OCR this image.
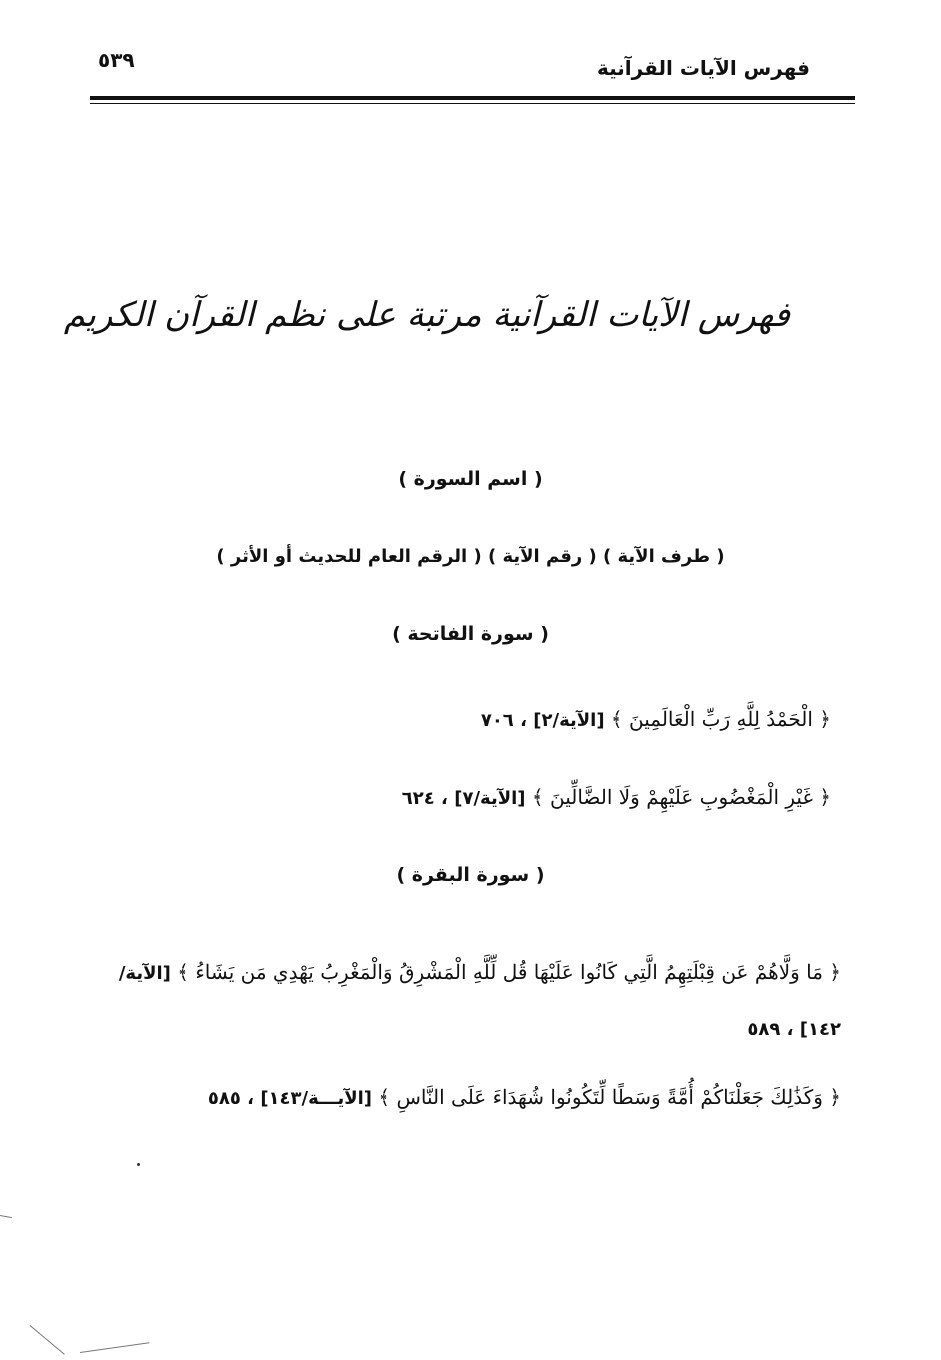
فهرس الآيات القرآنية
٥٣٩
فهرس الآيات القرآنية مرتبة على نظم القرآن الكريم
( اسم السورة )
( طرف الآية ) ( رقم الآية ) ( الرقم العام للحديث أو الأثر )
( سورة الفاتحة )
﴿ الْحَمْدُ لِلَّهِ رَبِّ الْعَالَمِينَ ﴾ [الآية/٢] ، ٧٠٦
﴿ غَيْرِ الْمَغْضُوبِ عَلَيْهِمْ وَلَا الضَّالِّينَ ﴾ [الآية/٧] ، ٦٢٤
( سورة البقرة )
﴿ مَا وَلَّاهُمْ عَن قِبْلَتِهِمُ الَّتِي كَانُوا عَلَيْهَا قُل لِّلَّهِ الْمَشْرِقُ وَالْمَغْرِبُ يَهْدِي مَن يَشَاءُ ﴾ [الآية/١٤٢] ، ٥٨٩
﴿ وَكَذَٰلِكَ جَعَلْنَاكُمْ أُمَّةً وَسَطًا لِّتَكُونُوا شُهَدَاءَ عَلَى النَّاسِ ﴾ [الآيـــة/١٤٣] ، ٥٨٥
